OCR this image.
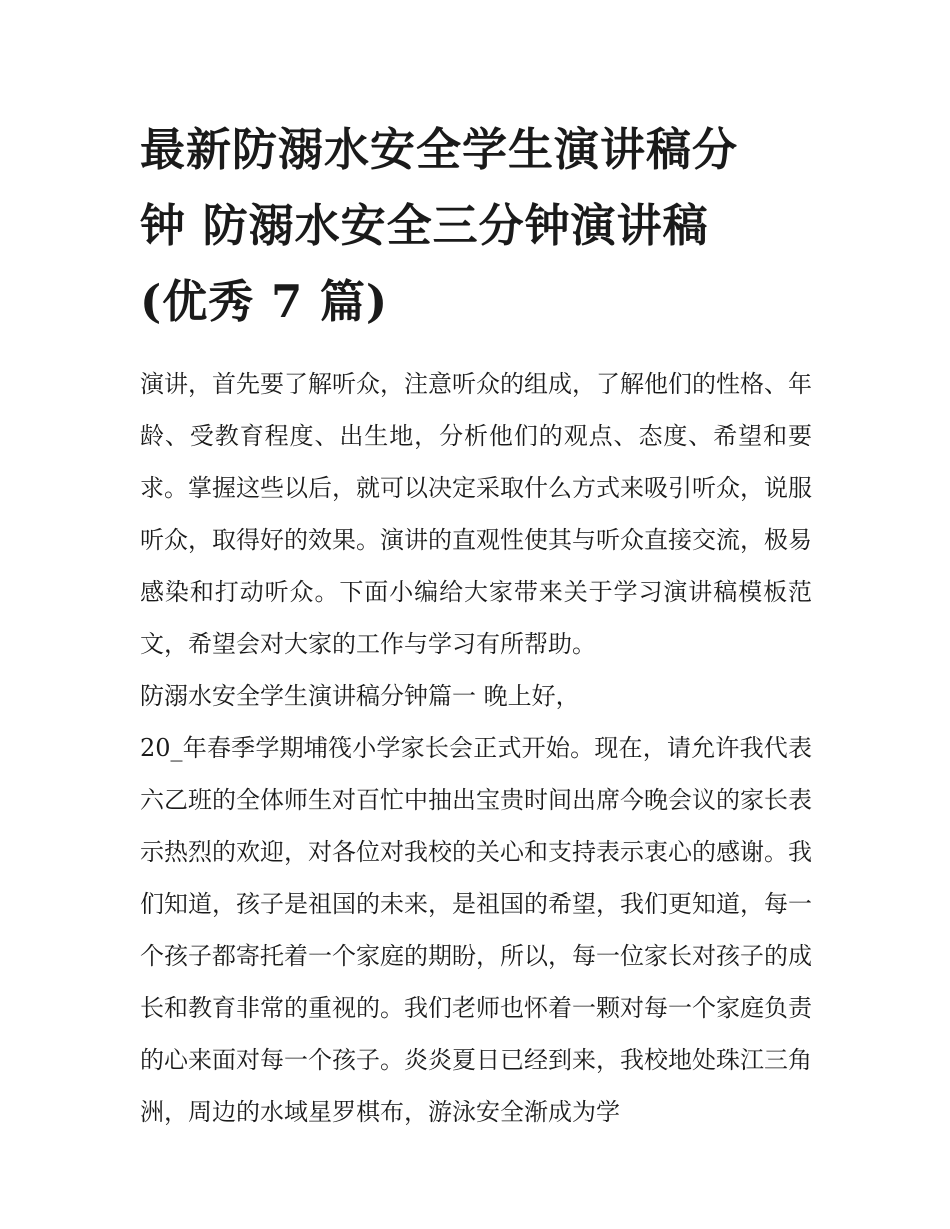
最新防溺水安全学生演讲稿分
钟 防溺水安全三分钟演讲稿
(优秀 7 篇)

演讲，首先要了解听众，注意听众的组成，了解他们的性格、年龄、受教育程度、出生地，分析他们的观点、态度、希望和要求。掌握这些以后，就可以决定采取什么方式来吸引听众，说服听众，取得好的效果。演讲的直观性使其与听众直接交流，极易感染和打动听众。下面小编给大家带来关于学习演讲稿模板范文，希望会对大家的工作与学习有所帮助。

防溺水安全学生演讲稿分钟篇一 晚上好，

20_年春季学期埔筏小学家长会正式开始。现在，请允许我代表六乙班的全体师生对百忙中抽出宝贵时间出席今晚会议的家长表示热烈的欢迎，对各位对我校的关心和支持表示衷心的感谢。我们知道，孩子是祖国的未来，是祖国的希望，我们更知道，每一个孩子都寄托着一个家庭的期盼，所以，每一位家长对孩子的成长和教育非常的重视的。我们老师也怀着一颗对每一个家庭负责的心来面对每一个孩子。炎炎夏日已经到来，我校地处珠江三角洲，周边的水域星罗棋布，游泳安全渐成为学
